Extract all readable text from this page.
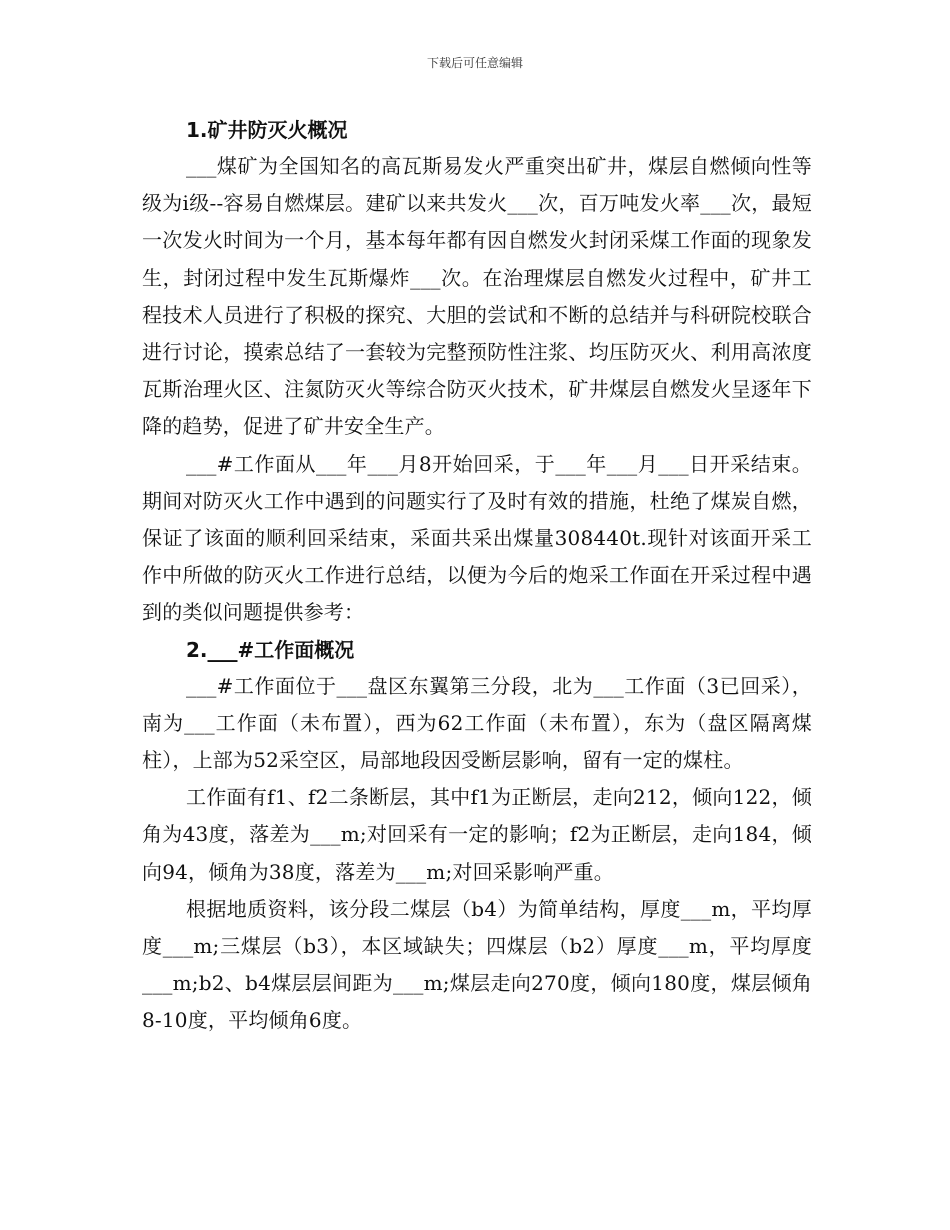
下载后可任意编辑
1.矿井防灭火概况

___煤矿为全国知名的高瓦斯易发火严重突出矿井，煤层自燃倾向性等级为ⅰ级--容易自燃煤层。建矿以来共发火___次，百万吨发火率___次，最短一次发火时间为一个月，基本每年都有因自燃发火封闭采煤工作面的现象发生，封闭过程中发生瓦斯爆炸___次。在治理煤层自燃发火过程中，矿井工程技术人员进行了积极的探究、大胆的尝试和不断的总结并与科研院校联合进行讨论，摸索总结了一套较为完整预防性注浆、均压防灭火、利用高浓度瓦斯治理火区、注氮防灭火等综合防灭火技术，矿井煤层自燃发火呈逐年下降的趋势，促进了矿井安全生产。

___#工作面从___年___月8开始回采，于___年___月___日开采结束。期间对防灭火工作中遇到的问题实行了及时有效的措施，杜绝了煤炭自燃，保证了该面的顺利回采结束，采面共采出煤量308440t.现针对该面开采工作中所做的防灭火工作进行总结，以便为今后的炮采工作面在开采过程中遇到的类似问题提供参考：

2.___#工作面概况

___#工作面位于___盘区东翼第三分段，北为___工作面（3已回采），南为___工作面（未布置），西为62工作面（未布置），东为（盘区隔离煤柱），上部为52采空区，局部地段因受断层影响，留有一定的煤柱。

工作面有f1、f2二条断层，其中f1为正断层，走向212，倾向122，倾角为43度，落差为___m;对回采有一定的影响；f2为正断层，走向184，倾向94，倾角为38度，落差为___m;对回采影响严重。

根据地质资料，该分段二煤层（b4）为简单结构，厚度___m，平均厚度___m;三煤层（b3），本区域缺失；四煤层（b2）厚度___m，平均厚度___m;b2、b4煤层层间距为___m;煤层走向270度，倾向180度，煤层倾角8-10度，平均倾角6度。
